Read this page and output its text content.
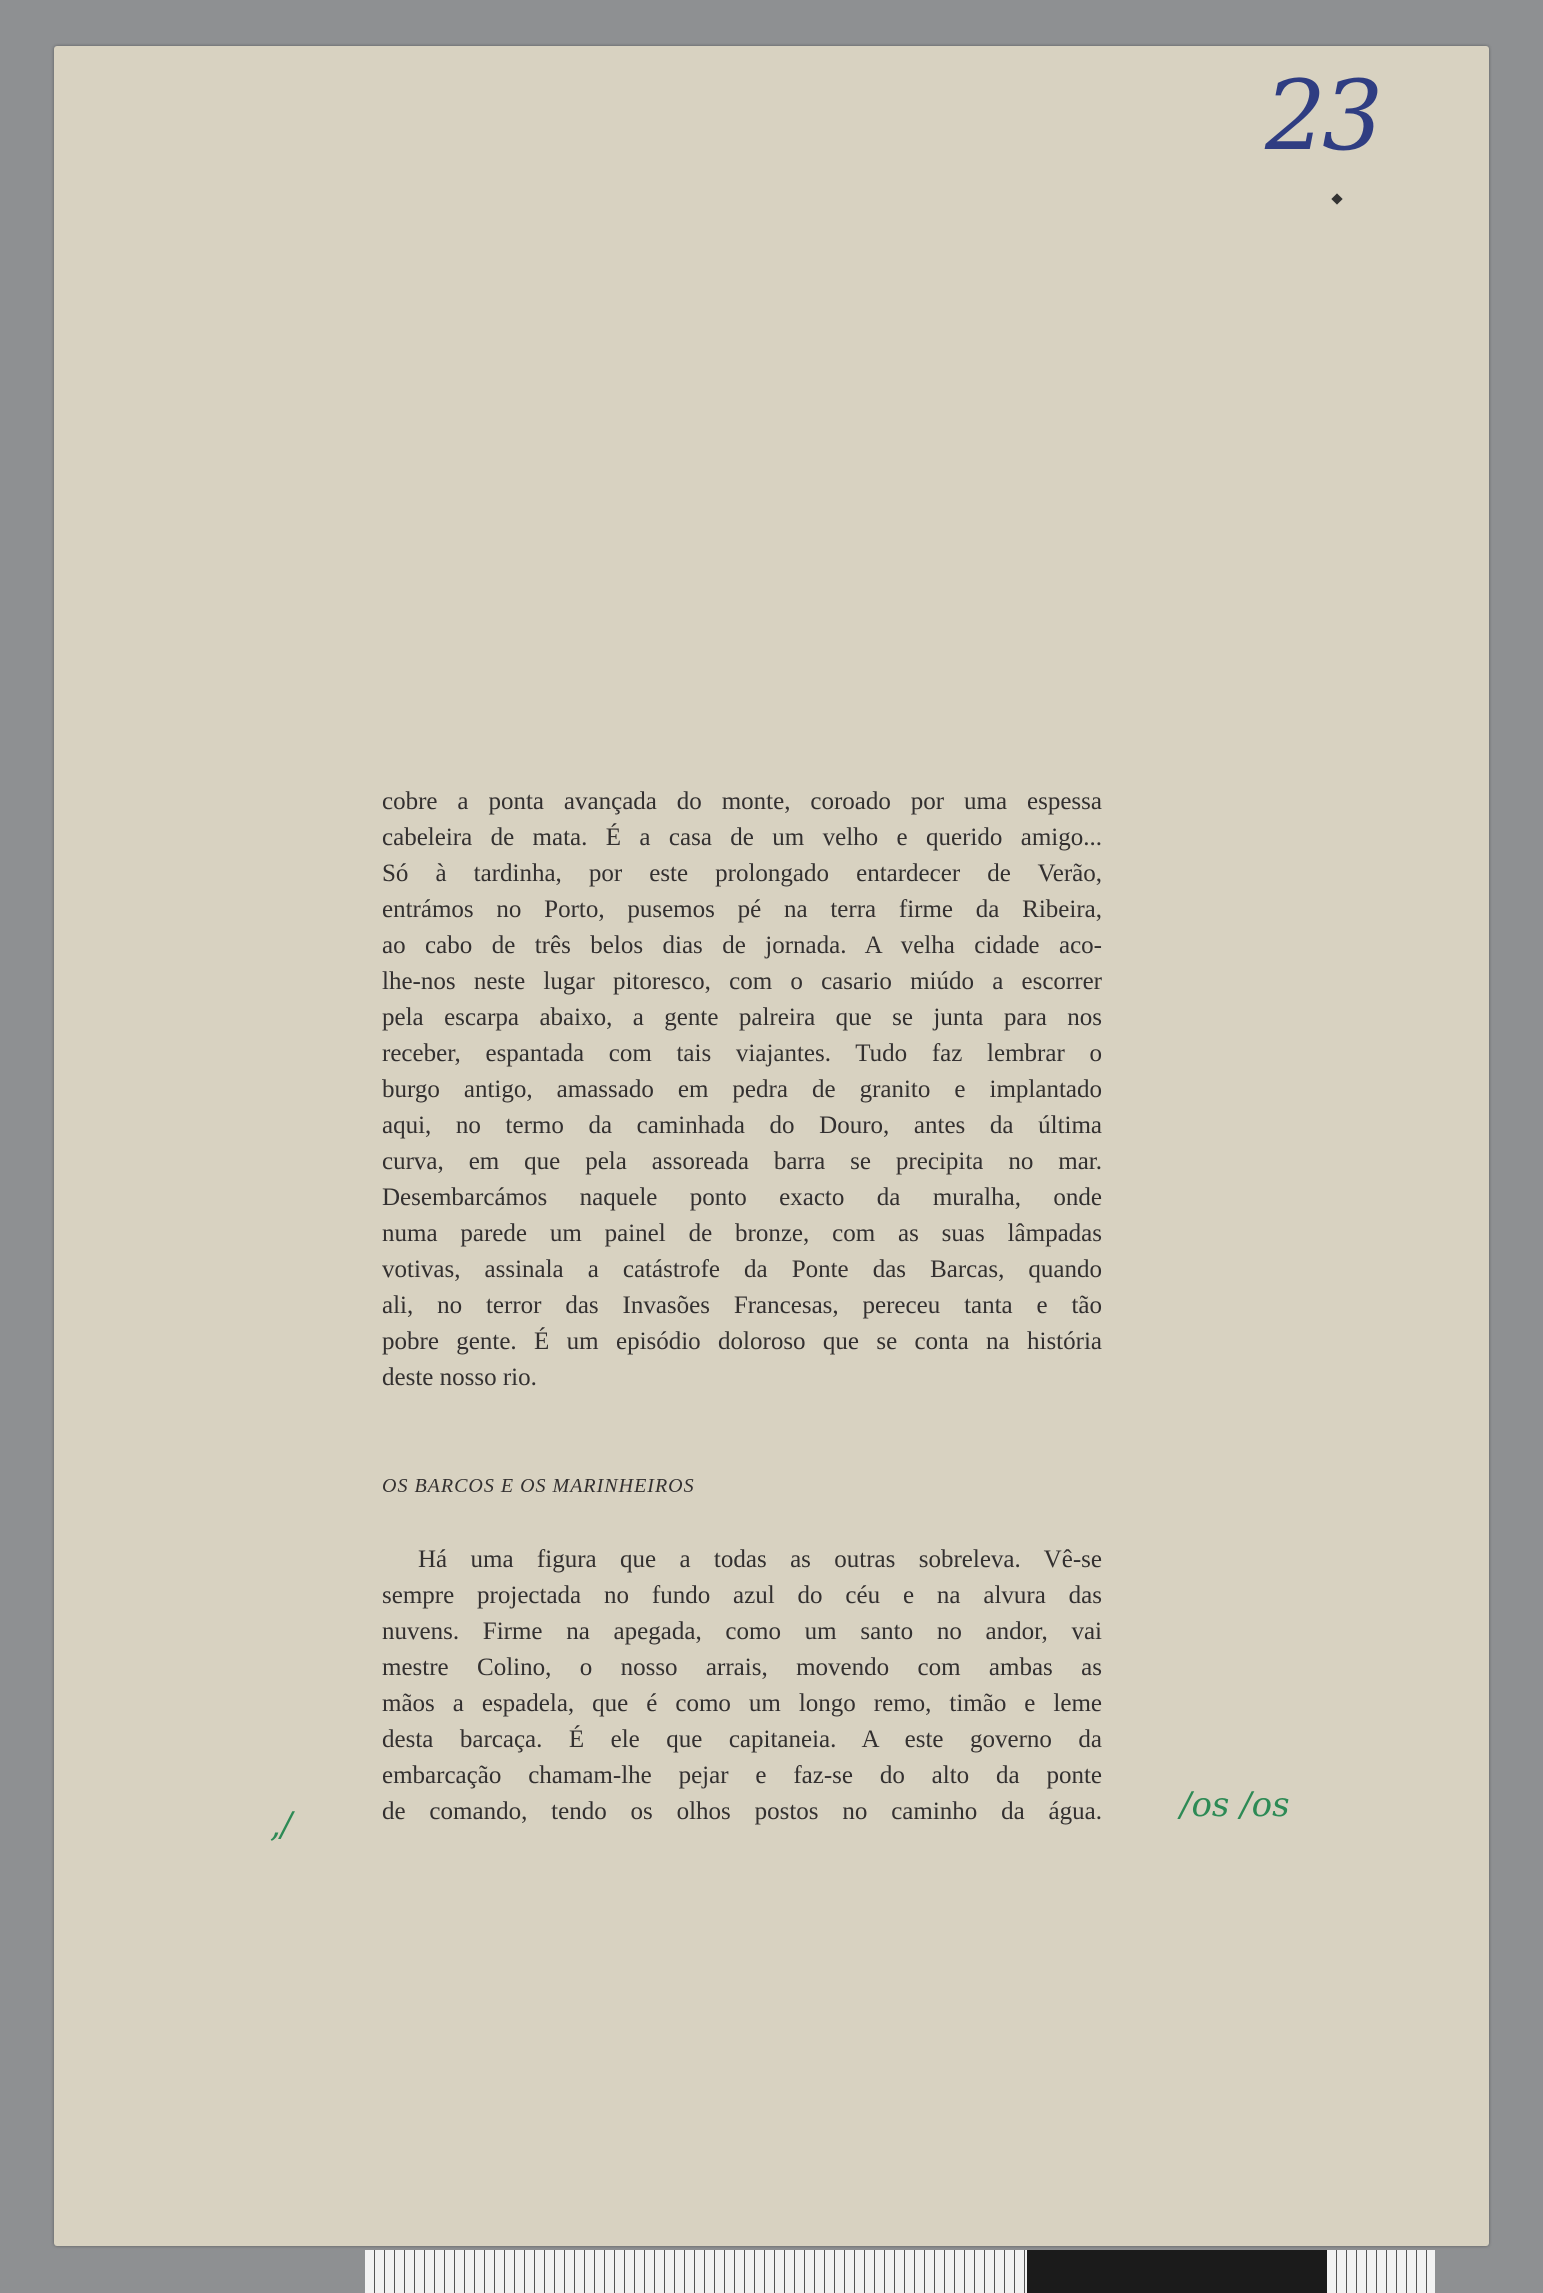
23
cobre a ponta avançada do monte, coroado por uma espessa
cabeleira de mata. É a casa de um velho e querido amigo...
Só à tardinha, por este prolongado entardecer de Verão,
entrámos no Porto, pusemos pé na terra firme da Ribeira,
ao cabo de três belos dias de jornada. A velha cidade aco-
lhe-nos neste lugar pitoresco, com o casario miúdo a escorrer
pela escarpa abaixo, a gente palreira que se junta para nos
receber, espantada com tais viajantes. Tudo faz lembrar o
burgo antigo, amassado em pedra de granito e implantado
aqui, no termo da caminhada do Douro, antes da última
curva, em que pela assoreada barra se precipita no mar.
Desembarcámos naquele ponto exacto da muralha, onde
numa parede um painel de bronze, com as suas lâmpadas
votivas, assinala a catástrofe da Ponte das Barcas, quando
ali, no terror das Invasões Francesas, pereceu tanta e tão
pobre gente. É um episódio doloroso que se conta na história
deste nosso rio.
OS BARCOS E OS MARINHEIROS
Há uma figura que a todas as outras sobreleva. Vê-se
sempre projectada no fundo azul do céu e na alvura das
nuvens. Firme na apegada, como um santo no andor, vai
mestre Colino, o nosso arrais, movendo com ambas as
mãos a espadela, que é como um longo remo, timão e leme
desta barcaça. É ele que capitaneia. A este governo da
embarcação chamam-lhe pejar e faz-se do alto da ponte
de comando, tendo os olhos postos no caminho da água.
,/	/os /os
